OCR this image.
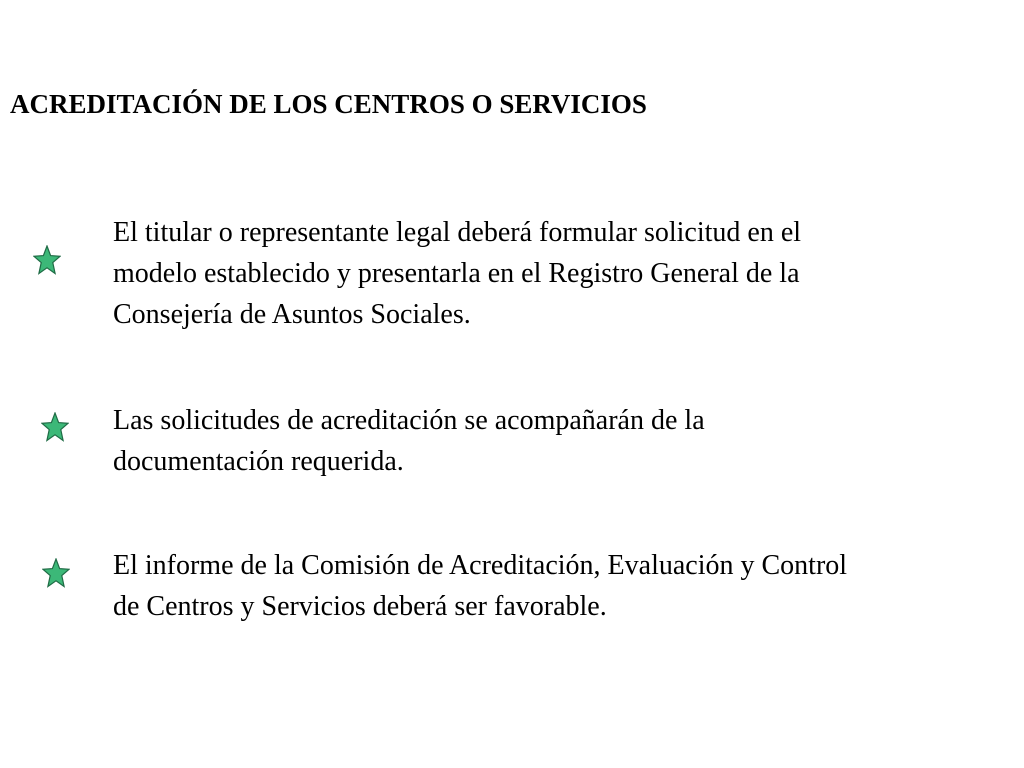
ACREDITACIÓN DE LOS CENTROS O SERVICIOS

El titular o representante legal deberá formular solicitud en el
modelo establecido y presentarla en el Registro General de la
Consejería de Asuntos Sociales.

Las solicitudes de acreditación se acompañarán de la
documentación requerida.

El informe de la Comisión de Acreditación, Evaluación y Control
de Centros y Servicios deberá ser favorable.
